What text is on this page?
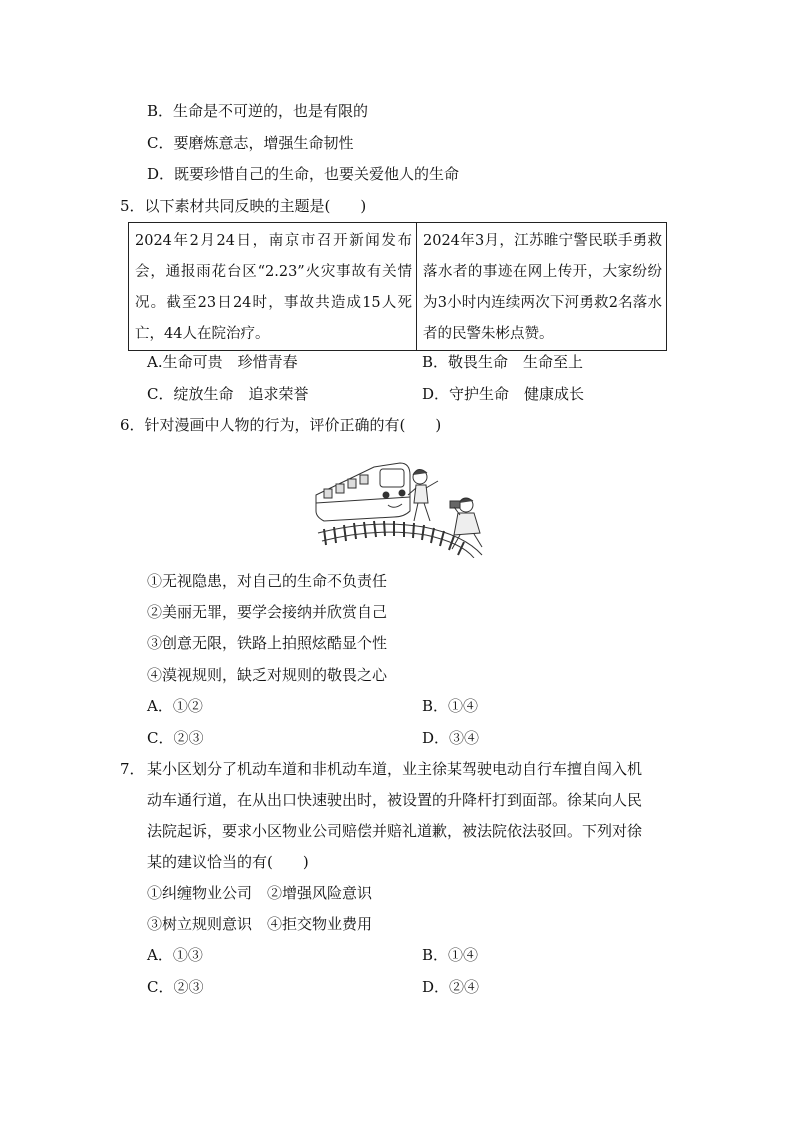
B．生命是不可逆的，也是有限的
C．要磨炼意志，增强生命韧性
D．既要珍惜自己的生命，也要关爱他人的生命
5．以下素材共同反映的主题是(　　)
2024年2月24日，南京市召开新闻发布会，通报雨花台区“2.23”火灾事故有关情况。截至23日24时，事故共造成15人死亡，44人在院治疗。	2024年3月，江苏睢宁警民联手勇救落水者的事迹在网上传开，大家纷纷为3小时内连续两次下河勇救2名落水者的民警朱彬点赞。
A.生命可贵　珍惜青春	B．敬畏生命　生命至上
C．绽放生命　追求荣誉	D．守护生命　健康成长
6．针对漫画中人物的行为，评价正确的有(　　)
①无视隐患，对自己的生命不负责任
②美丽无罪，要学会接纳并欣赏自己
③创意无限，铁路上拍照炫酷显个性
④漠视规则，缺乏对规则的敬畏之心
A．①②	B．①④
C．②③	D．③④
7． 某小区划分了机动车道和非机动车道，业主徐某驾驶电动自行车擅自闯入机
动车通行道，在从出口快速驶出时，被设置的升降杆打到面部。徐某向人民
法院起诉，要求小区物业公司赔偿并赔礼道歉，被法院依法驳回。下列对徐
某的建议恰当的有(　　)
①纠缠物业公司　②增强风险意识
③树立规则意识　④拒交物业费用
A．①③	B．①④
C．②③	D．②④
